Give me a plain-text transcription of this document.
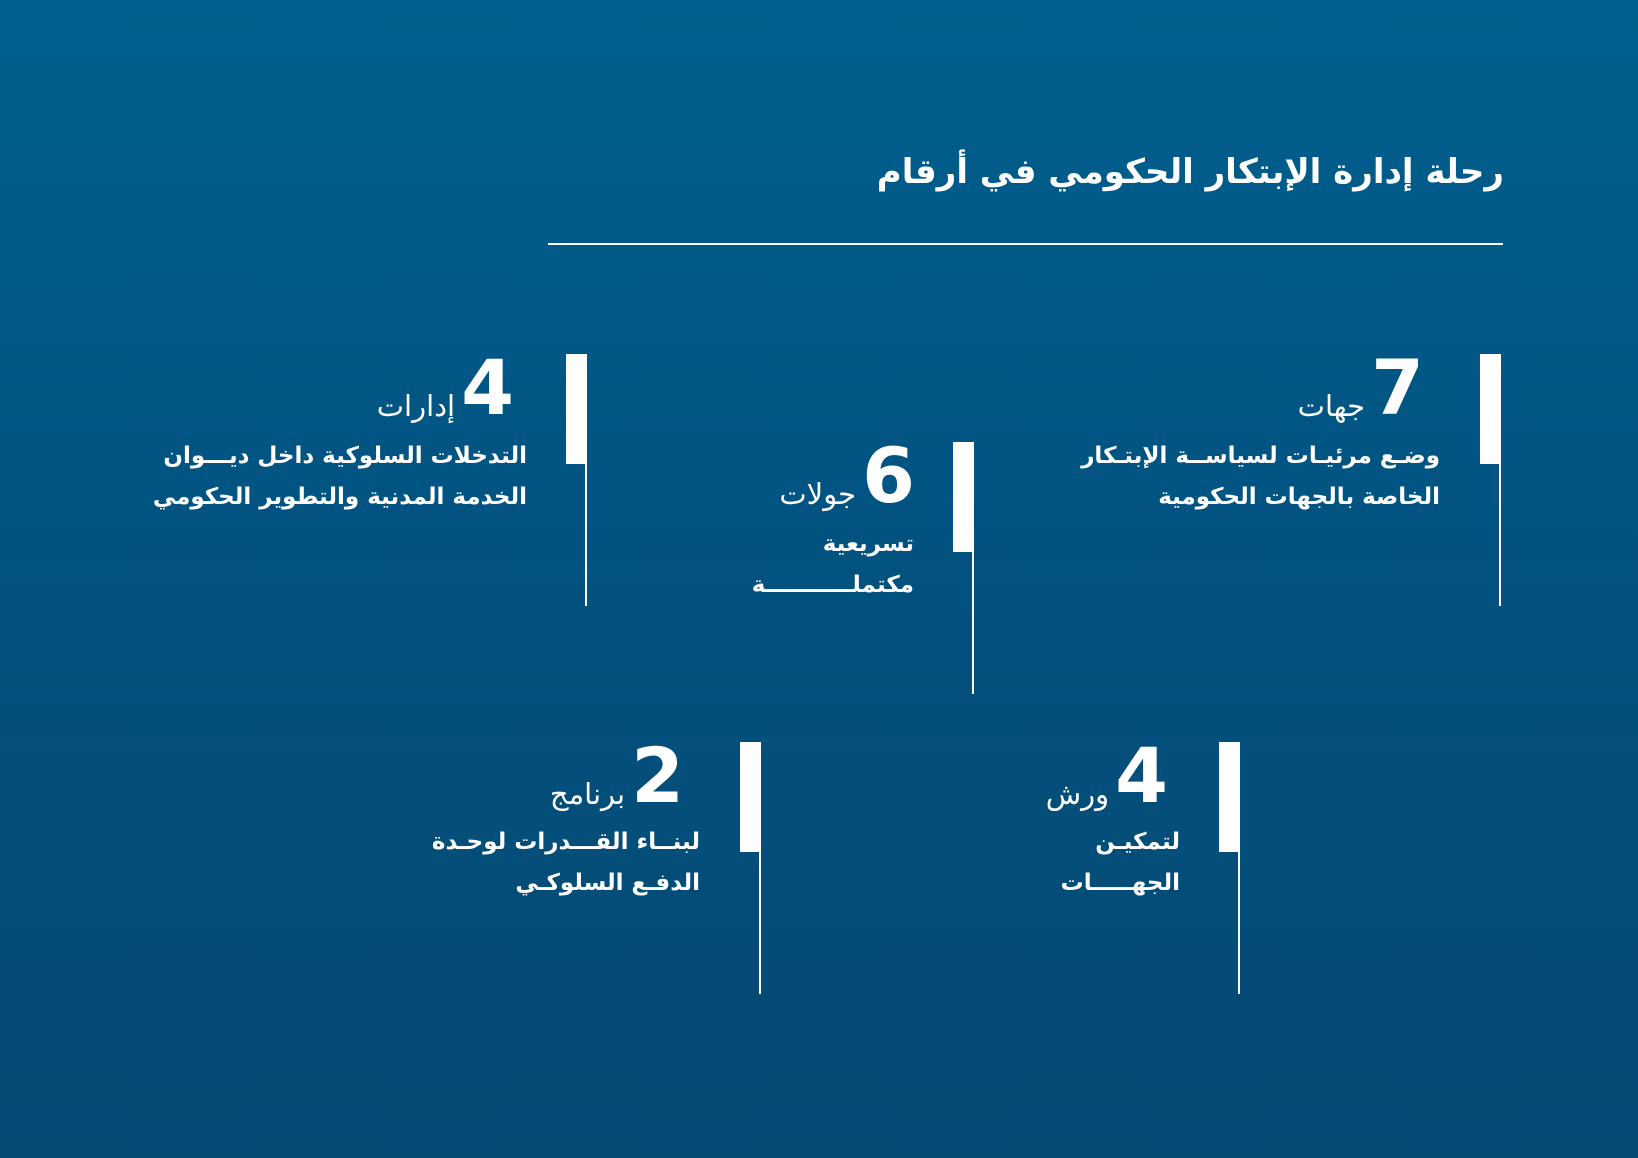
رحلة إدارة الإبتكار الحكومي في أرقام
7
جهات
وضـع مرئيـات لسياســة الإبتـكار
الخاصة بالجهات الحكومية
6
جولات
تسريعية
مكتملـــــــــــة
4
إدارات
التدخلات السلوكية داخل ديـــوان
الخدمة المدنية والتطوير الحكومي
4
ورش
لتمكيـن
الجهـــــات
2
برنامج
لبنــاء القـــدرات لوحـدة
الدفـع السلوكـي
